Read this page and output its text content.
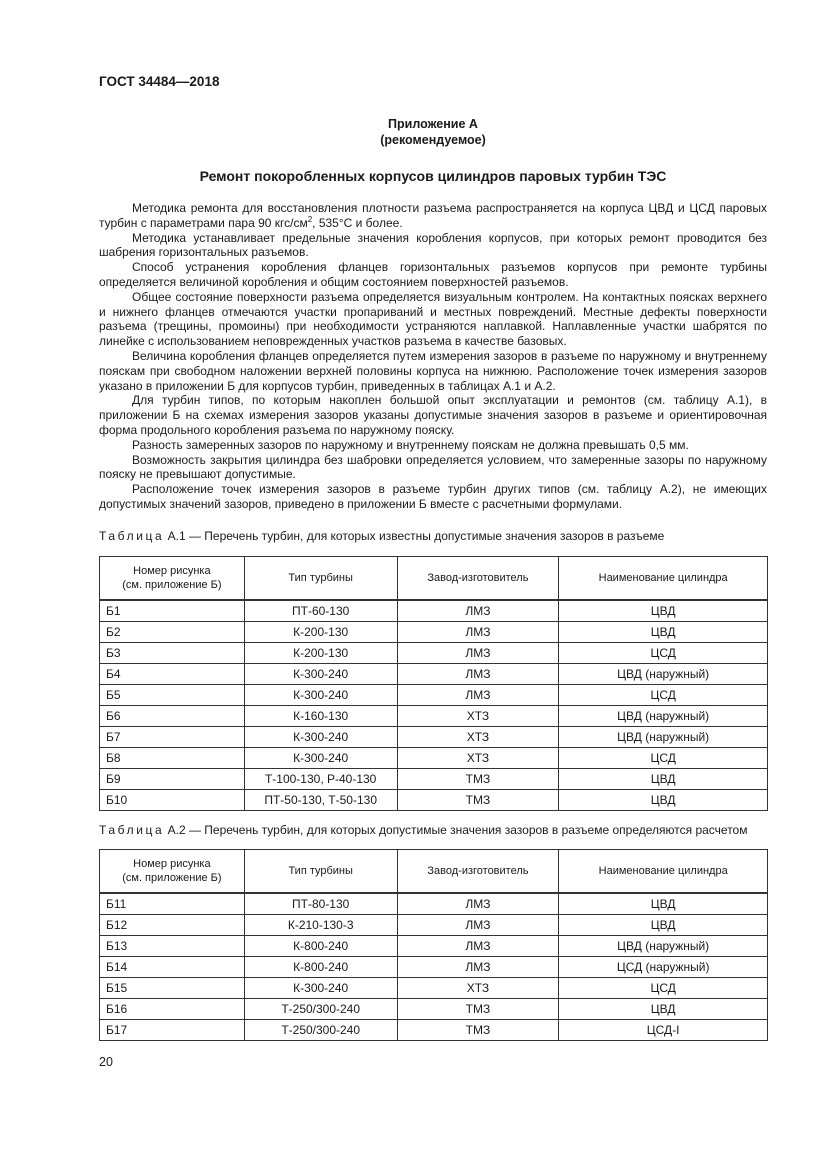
ГОСТ 34484—2018
Приложение А
(рекомендуемое)
Ремонт покоробленных корпусов цилиндров паровых турбин ТЭС

Методика ремонта для восстановления плотности разъема распространяется на корпуса ЦВД и ЦСД паровых турбин с параметрами пара 90 кгс/$см^2$, 535°С и более.

Методика устанавливает предельные значения коробления корпусов, при которых ремонт проводится без шабрения горизонтальных разъемов.

Способ устранения коробления фланцев горизонтальных разъемов корпусов при ремонте турбины определяется величиной коробления и общим состоянием поверхностей разъемов.

Общее состояние поверхности разъема определяется визуальным контролем. На контактных поясках верхнего и нижнего фланцев отмечаются участки пропариваний и местных повреждений. Местные дефекты поверхности разъема (трещины, промоины) при необходимости устраняются наплавкой. Наплавленные участки шабрятся по линейке с использованием неповрежденных участков разъема в качестве базовых.

Величина коробления фланцев определяется путем измерения зазоров в разъеме по наружному и внутреннему пояскам при свободном наложении верхней половины корпуса на нижнюю. Расположение точек измерения зазоров указано в приложении Б для корпусов турбин, приведенных в таблицах А.1 и А.2.

Для турбин типов, по которым накоплен большой опыт эксплуатации и ремонтов (см. таблицу А.1), в приложении Б на схемах измерения зазоров указаны допустимые значения зазоров в разъеме и ориентировочная форма продольного коробления разъема по наружному пояску.

Разность замеренных зазоров по наружному и внутреннему пояскам не должна превышать 0,5 мм.

Возможность закрытия цилиндра без шабровки определяется условием, что замеренные зазоры по наружному пояску не превышают допустимые.

Расположение точек измерения зазоров в разъеме турбин других типов (см. таблицу А.2), не имеющих допустимых значений зазоров, приведено в приложении Б вместе с расчетными формулами.

Таблица А.1 — Перечень турбин, для которых известны допустимые значения зазоров в разъеме
Номер рисунка
(см. приложение Б)	Тип турбины	Завод-изготовитель	Наименование цилиндра
Б1	ПТ-60-130	ЛМЗ	ЦВД
Б2	К-200-130	ЛМЗ	ЦВД
Б3	К-200-130	ЛМЗ	ЦСД
Б4	К-300-240	ЛМЗ	ЦВД (наружный)
Б5	К-300-240	ЛМЗ	ЦСД
Б6	К-160-130	ХТЗ	ЦВД (наружный)
Б7	К-300-240	ХТЗ	ЦВД (наружный)
Б8	К-300-240	ХТЗ	ЦСД
Б9	Т-100-130, Р-40-130	ТМЗ	ЦВД
Б10	ПТ-50-130, Т-50-130	ТМЗ	ЦВД
Таблица А.2 — Перечень турбин, для которых допустимые значения зазоров в разъеме определяются расчетом
Номер рисунка
(см. приложение Б)	Тип турбины	Завод-изготовитель	Наименование цилиндра
Б11	ПТ-80-130	ЛМЗ	ЦВД
Б12	К-210-130-3	ЛМЗ	ЦВД
Б13	К-800-240	ЛМЗ	ЦВД (наружный)
Б14	К-800-240	ЛМЗ	ЦСД (наружный)
Б15	К-300-240	ХТЗ	ЦСД
Б16	Т-250/300-240	ТМЗ	ЦВД
Б17	Т-250/300-240	ТМЗ	ЦСД-I
20
